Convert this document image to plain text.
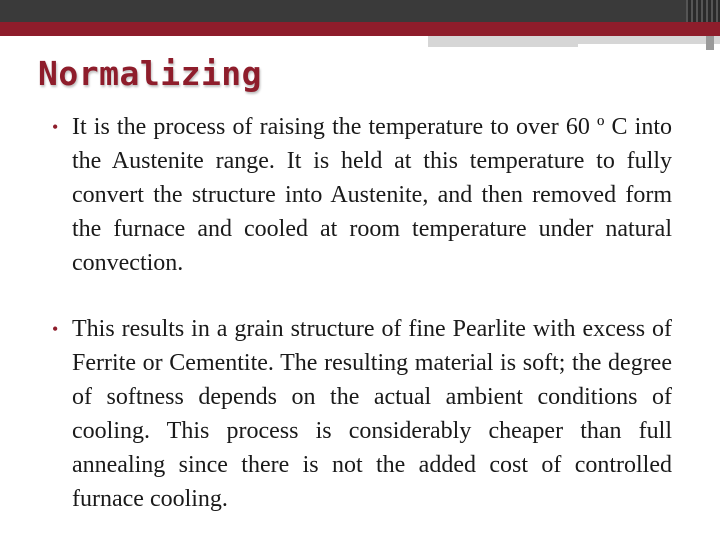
Normalizing
• It is the process of raising the temperature to over 60 º C into the Austenite range. It is held at this temperature to fully convert the structure into Austenite, and then removed form the furnace and cooled at room temperature under natural convection.
• This results in a grain structure of fine Pearlite with excess of Ferrite or Cementite. The resulting material is soft; the degree of softness depends on the actual ambient conditions of cooling. This process is considerably cheaper than full annealing since there is not the added cost of controlled furnace cooling.
